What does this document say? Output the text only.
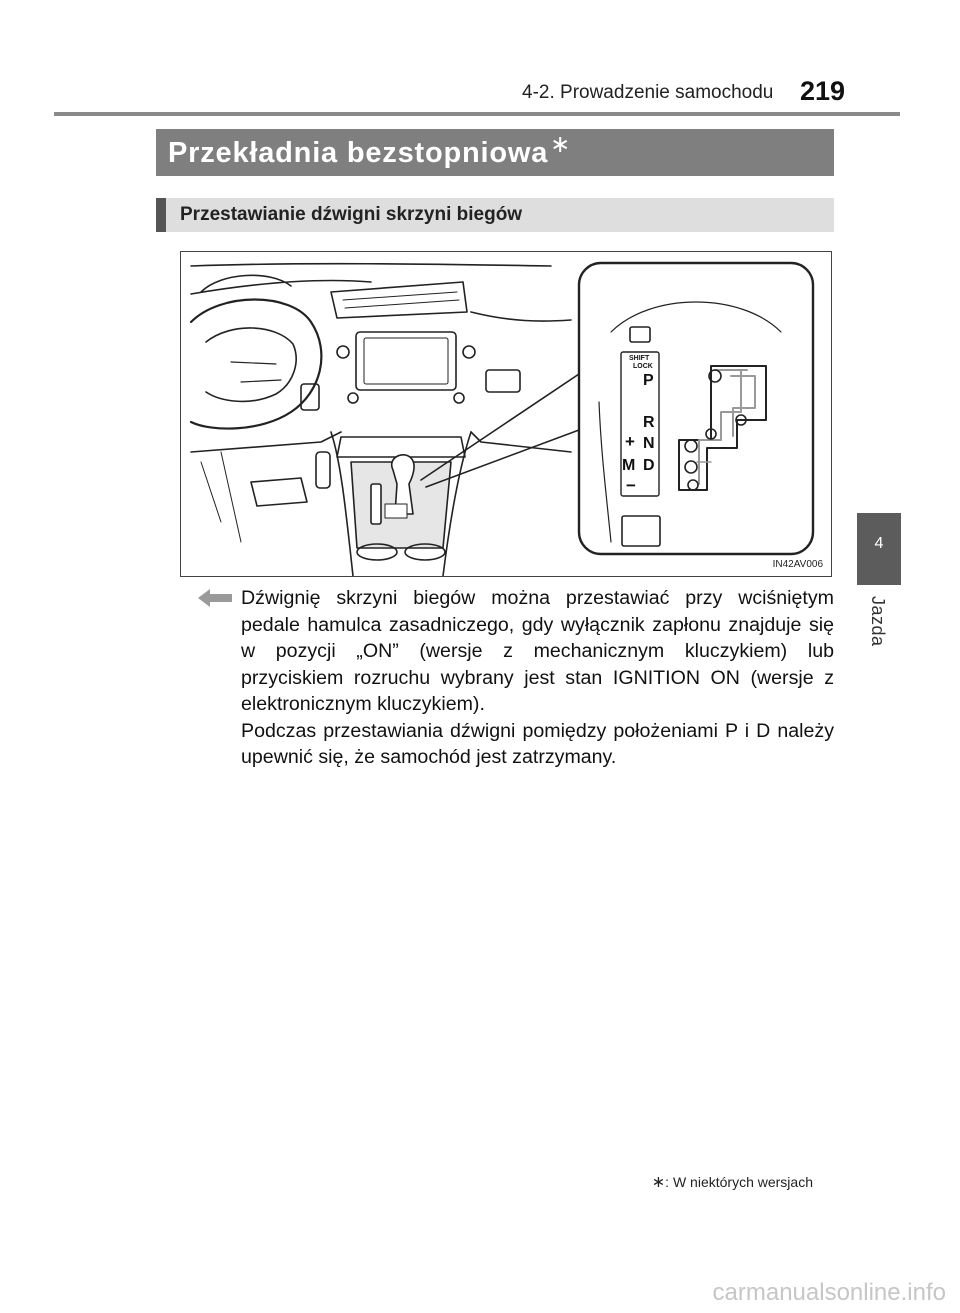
4-2. Prowadzenie samochodu 219
4
Jazda
Przekładnia bezstopniowa∗
Przestawianie dźwigni skrzyni biegów
SHIFT
LOCK
P
R
+ N
M D
−
IN42AV006

Dźwignię skrzyni biegów można przestawiać przy wciśniętym pedale hamulca zasadniczego, gdy wyłącznik zapłonu znajduje się w pozycji „ON” (wersje z mechanicznym kluczykiem) lub przyciskiem rozruchu wybrany jest stan IGNITION ON (wersje z elektronicznym kluczykiem).

Podczas przestawiania dźwigni pomiędzy położeniami P i D należy upewnić się, że samochód jest zatrzymany.

∗: W niektórych wersjach
carmanualsonline.info
